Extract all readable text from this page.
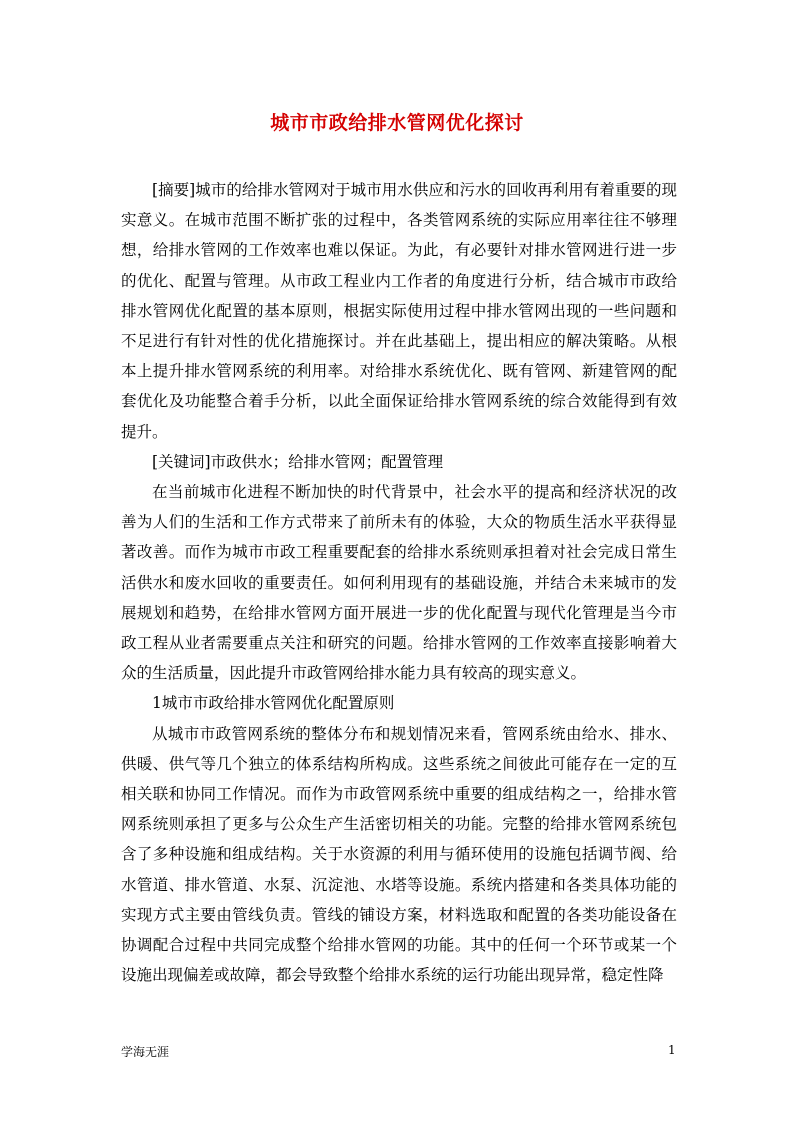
城市市政给排水管网优化探讨

[摘要]城市的给排水管网对于城市用水供应和污水的回收再利用有着重要的现实意义。在城市范围不断扩张的过程中，各类管网系统的实际应用率往往不够理想，给排水管网的工作效率也难以保证。为此，有必要针对排水管网进行进一步的优化、配置与管理。从市政工程业内工作者的角度进行分析，结合城市市政给排水管网优化配置的基本原则，根据实际使用过程中排水管网出现的一些问题和不足进行有针对性的优化措施探讨。并在此基础上，提出相应的解决策略。从根本上提升排水管网系统的利用率。对给排水系统优化、既有管网、新建管网的配套优化及功能整合着手分析，以此全面保证给排水管网系统的综合效能得到有效提升。

[关键词]市政供水；给排水管网；配置管理

在当前城市化进程不断加快的时代背景中，社会水平的提高和经济状况的改善为人们的生活和工作方式带来了前所未有的体验，大众的物质生活水平获得显著改善。而作为城市市政工程重要配套的给排水系统则承担着对社会完成日常生活供水和废水回收的重要责任。如何利用现有的基础设施，并结合未来城市的发展规划和趋势，在给排水管网方面开展进一步的优化配置与现代化管理是当今市政工程从业者需要重点关注和研究的问题。给排水管网的工作效率直接影响着大众的生活质量，因此提升市政管网给排水能力具有较高的现实意义。

1城市市政给排水管网优化配置原则

从城市市政管网系统的整体分布和规划情况来看，管网系统由给水、排水、供暖、供气等几个独立的体系结构所构成。这些系统之间彼此可能存在一定的互相关联和协同工作情况。而作为市政管网系统中重要的组成结构之一，给排水管网系统则承担了更多与公众生产生活密切相关的功能。完整的给排水管网系统包含了多种设施和组成结构。关于水资源的利用与循环使用的设施包括调节阀、给水管道、排水管道、水泵、沉淀池、水塔等设施。系统内搭建和各类具体功能的实现方式主要由管线负责。管线的铺设方案，材料选取和配置的各类功能设备在协调配合过程中共同完成整个给排水管网的功能。其中的任何一个环节或某一个设施出现偏差或故障，都会导致整个给排水系统的运行功能出现异常，稳定性降

学海无涯	1
